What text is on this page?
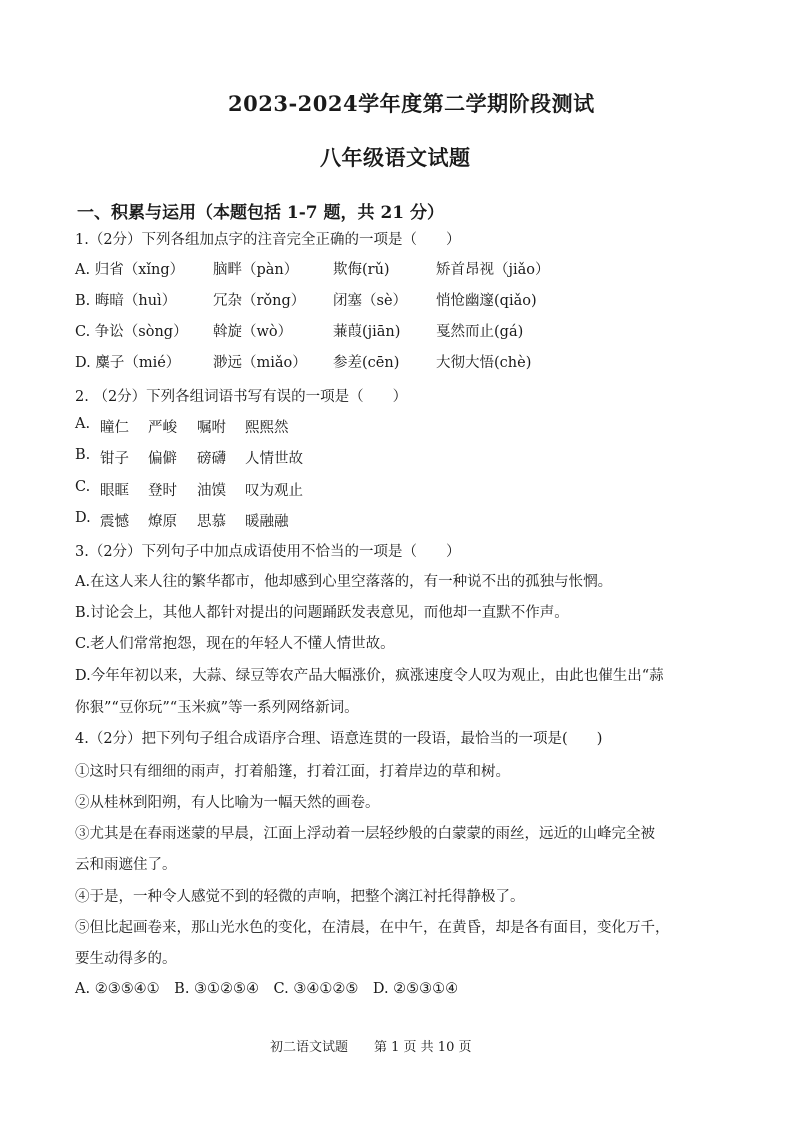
2023-2024学年度第二学期阶段测试
八年级语文试题
一、积累与运用（本题包括 1-7 题，共 21 分）
1.（2分）下列各组加点字的注音完全正确的一项是（　　）
A. 归省（xǐng） 脑畔（pàn） 欺侮(rǔ)	矫首昂视（jiǎo）
B. 晦暗（huì）	冗杂（rǒng） 闭塞（sè） 悄怆幽邃(qiǎo)
C. 争讼（sòng） 斡旋（wò）	蒹葭(jiān) 戛然而止(gá)
D. 麋子（mié） 渺远（miǎo） 参差(cēn)	大彻大悟(chè)
2. （2分）下列各组词语书写有误的一项是（　　）
A. 瞳仁 严峻 嘱咐 熙熙然
B. 钳子 偏僻 磅礴 人情世故
C. 眼眶 登时 油馍 叹为观止
D. 震憾 燎原 思慕 暖融融
3.（2分）下列句子中加点成语使用不恰当的一项是（　　）
A.在这人来人往的繁华都市，他却感到心里空落落的，有一种说不出的孤独与怅惘。
B.讨论会上，其他人都针对提出的问题踊跃发表意见，而他却一直默不作声。
C.老人们常常抱怨，现在的年轻人不懂人情世故。
D.今年年初以来，大蒜、绿豆等农产品大幅涨价，疯涨速度令人叹为观止，由此也催生出“蒜
你狠”“豆你玩”“玉米疯”等一系列网络新词。
4.（2分）把下列句子组合成语序合理、语意连贯的一段语，最恰当的一项是(　　)
①这时只有细细的雨声，打着船篷，打着江面，打着岸边的草和树。
②从桂林到阳朔，有人比喻为一幅天然的画卷。
③尤其是在春雨迷蒙的早晨，江面上浮动着一层轻纱般的白蒙蒙的雨丝，远近的山峰完全被
云和雨遮住了。
④于是，一种令人感觉不到的轻微的声响，把整个漓江衬托得静极了。
⑤但比起画卷来，那山光水色的变化，在清晨，在中午，在黄昏，却是各有面目，变化万千，
要生动得多的。
A. ②③⑤④①　B. ③①②⑤④　C. ③④①②⑤　D. ②⑤③①④
初二语文试题　　第 1 页 共 10 页
